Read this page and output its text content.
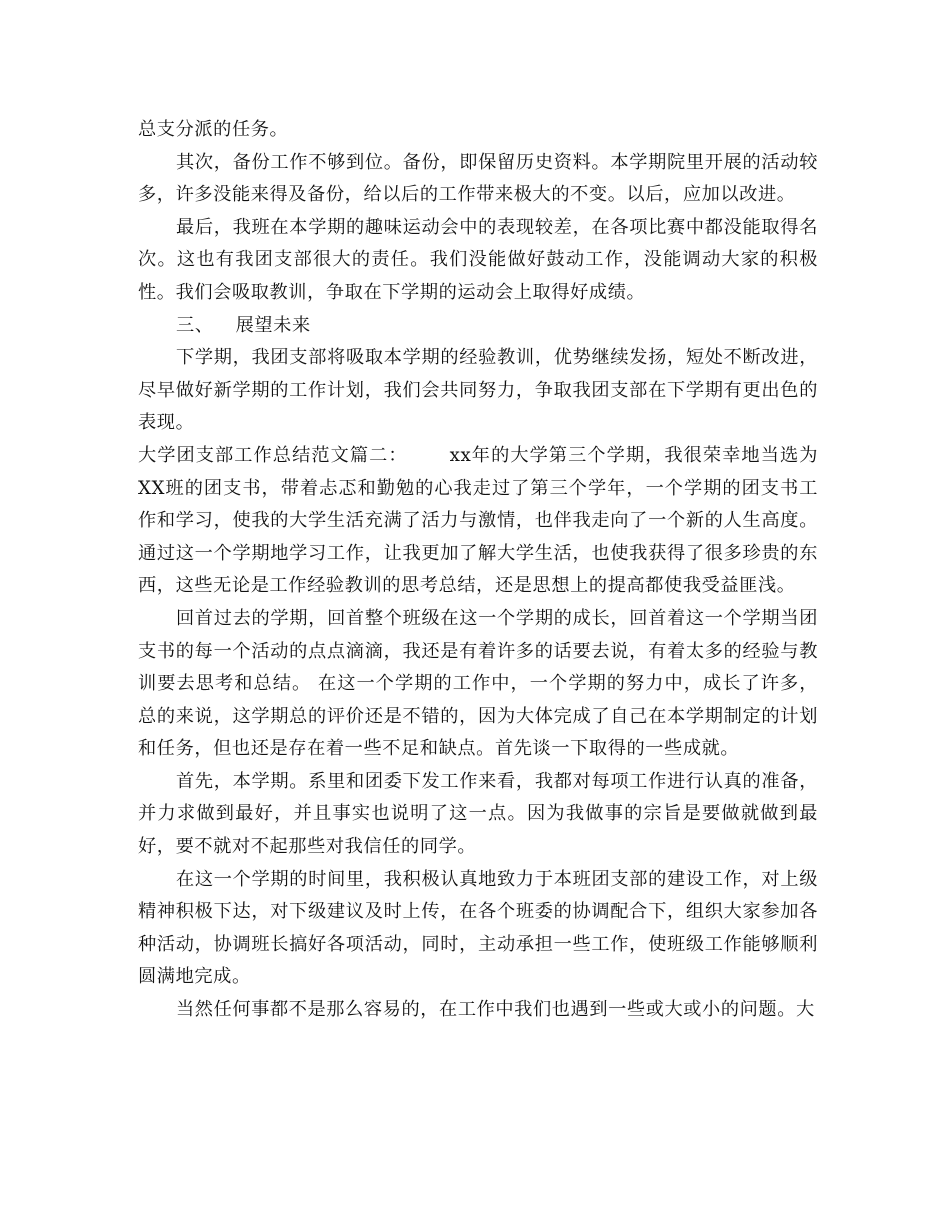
总支分派的任务。

其次，备份工作不够到位。备份，即保留历史资料。本学期院里开展的活动较多，许多没能来得及备份，给以后的工作带来极大的不变。以后，应加以改进。

最后，我班在本学期的趣味运动会中的表现较差，在各项比赛中都没能取得名次。这也有我团支部很大的责任。我们没能做好鼓动工作，没能调动大家的积极性。我们会吸取教训，争取在下学期的运动会上取得好成绩。

三、 展望未来

下学期，我团支部将吸取本学期的经验教训，优势继续发扬，短处不断改进，尽早做好新学期的工作计划，我们会共同努力，争取我团支部在下学期有更出色的表现。

大学团支部工作总结范文篇二： xx年的大学第三个学期，我很荣幸地当选为XX班的团支书，带着忐忑和勤勉的心我走过了第三个学年，一个学期的团支书工作和学习，使我的大学生活充满了活力与激情，也伴我走向了一个新的人生高度。通过这一个学期地学习工作，让我更加了解大学生活，也使我获得了很多珍贵的东西，这些无论是工作经验教训的思考总结，还是思想上的提高都使我受益匪浅。

回首过去的学期，回首整个班级在这一个学期的成长，回首着这一个学期当团支书的每一个活动的点点滴滴，我还是有着许多的话要去说，有着太多的经验与教训要去思考和总结。 在这一个学期的工作中，一个学期的努力中，成长了许多，总的来说，这学期总的评价还是不错的，因为大体完成了自己在本学期制定的计划和任务，但也还是存在着一些不足和缺点。首先谈一下取得的一些成就。

首先，本学期。系里和团委下发工作来看，我都对每项工作进行认真的准备，并力求做到最好，并且事实也说明了这一点。因为我做事的宗旨是要做就做到最好，要不就对不起那些对我信任的同学。

在这一个学期的时间里，我积极认真地致力于本班团支部的建设工作，对上级精神积极下达，对下级建议及时上传，在各个班委的协调配合下，组织大家参加各种活动，协调班长搞好各项活动，同时，主动承担一些工作，使班级工作能够顺利圆满地完成。

当然任何事都不是那么容易的，在工作中我们也遇到一些或大或小的问题。大
